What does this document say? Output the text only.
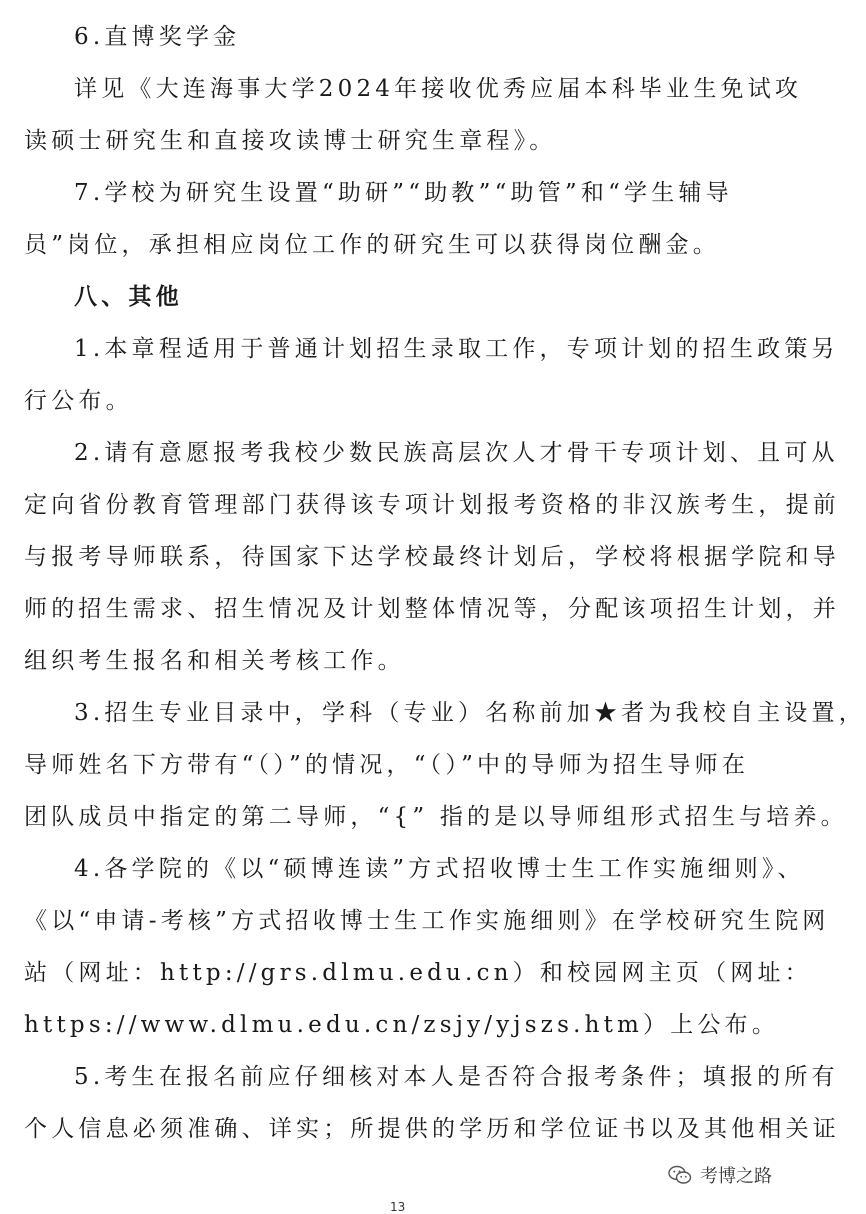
6.直博奖学金
详见《大连海事大学2024年接收优秀应届本科毕业生免试攻
读硕士研究生和直接攻读博士研究生章程》。
7.学校为研究生设置“助研”“助教”“助管”和“学生辅导
员”岗位，承担相应岗位工作的研究生可以获得岗位酬金。
八、其他
1.本章程适用于普通计划招生录取工作，专项计划的招生政策另
行公布。
2.请有意愿报考我校少数民族高层次人才骨干专项计划、且可从
定向省份教育管理部门获得该专项计划报考资格的非汉族考生，提前
与报考导师联系，待国家下达学校最终计划后，学校将根据学院和导
师的招生需求、招生情况及计划整体情况等，分配该项招生计划，并
组织考生报名和相关考核工作。
3.招生专业目录中，学科（专业）名称前加★者为我校自主设置，
导师姓名下方带有“（）”的情况，“（）”中的导师为招生导师在
团队成员中指定的第二导师，“{” 指的是以导师组形式招生与培养。
4.各学院的《以“硕博连读”方式招收博士生工作实施细则》、
《以“申请-考核”方式招收博士生工作实施细则》在学校研究生院网
站（网址：http://grs.dlmu.edu.cn）和校园网主页（网址：
https://www.dlmu.edu.cn/zsjy/yjszs.htm）上公布。
5.考生在报名前应仔细核对本人是否符合报考条件；填报的所有
个人信息必须准确、详实；所提供的学历和学位证书以及其他相关证
考博之路
13
